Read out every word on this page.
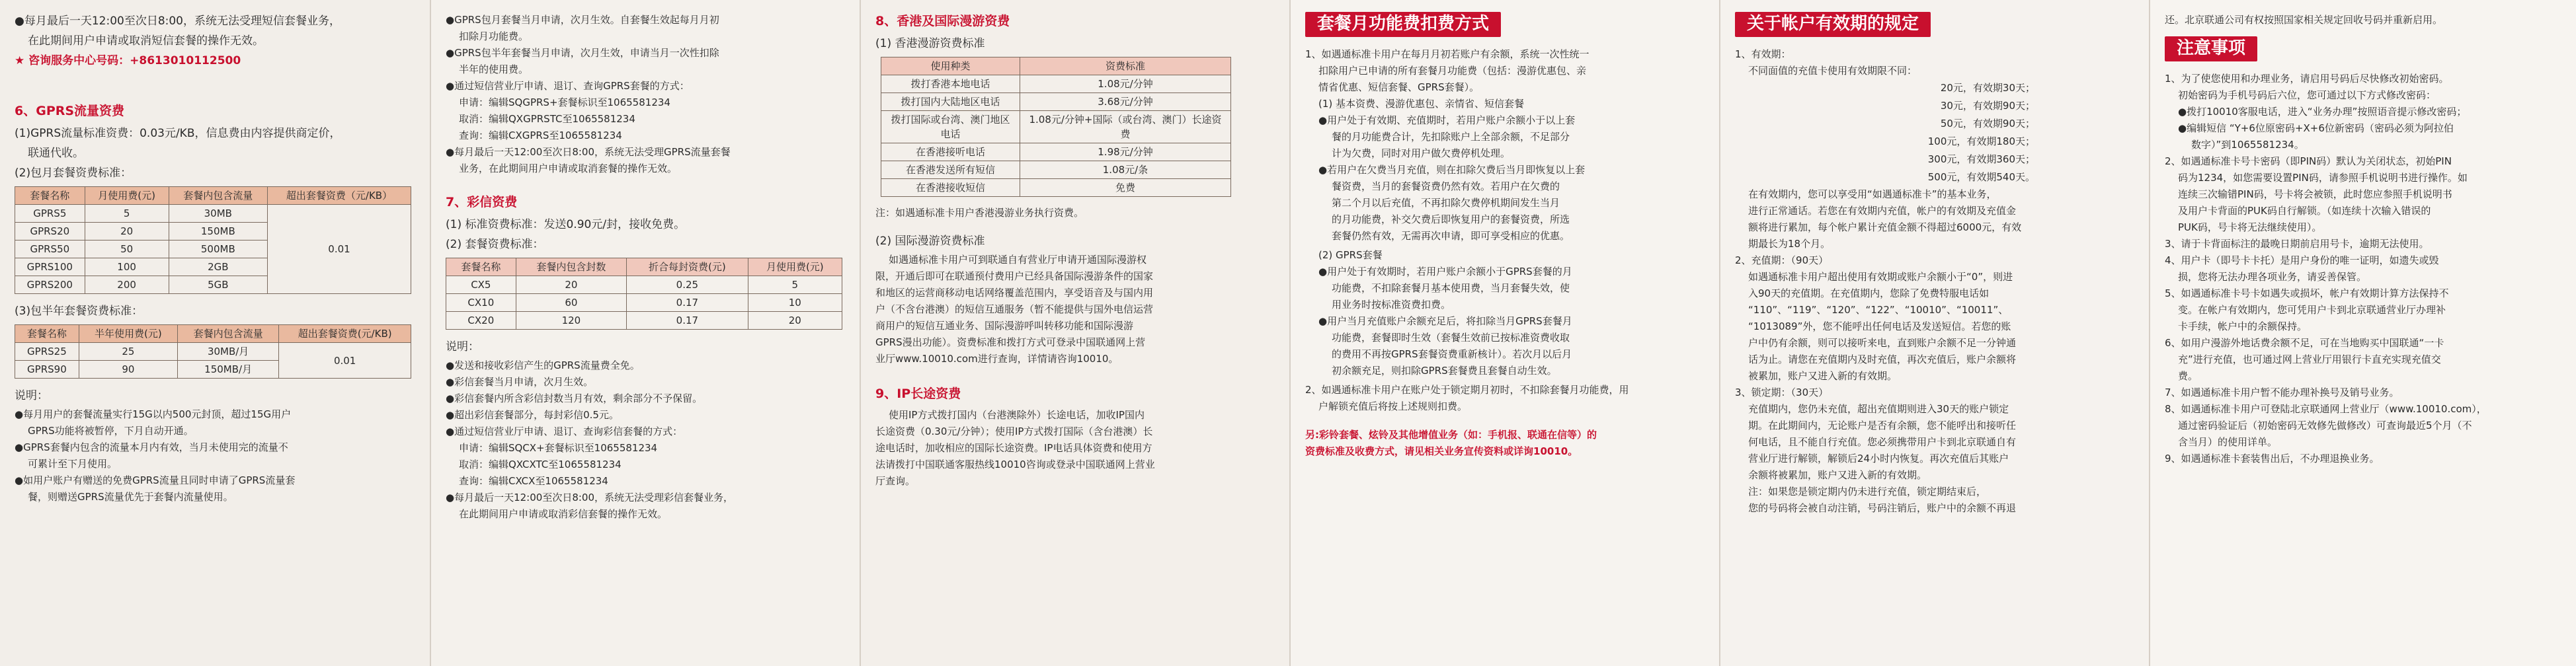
●每月最后一天12:00至次日8:00，系统无法受理短信套餐业务，
在此期间用户申请或取消短信套餐的操作无效。
★ 咨询服务中心号码：+8613010112500
6、GPRS流量资费
(1)GPRS流量标准资费：0.03元/KB，信息费由内容提供商定价，
联通代收。
(2)包月套餐资费标准：
套餐名称	月使用费(元)	套餐内包含流量	超出套餐资费（元/KB）
GPRS5	5	30MB	0.01
GPRS20	20	150MB	
GPRS50	50	500MB	
GPRS100	100	2GB	
GPRS200	200	5GB	
(3)包半年套餐资费标准：
套餐名称	半年使用费(元)	套餐内包含流量	超出套餐资费(元/KB)
GPRS25	25	30MB/月	0.01
GPRS90	90	150MB/月	
说明：
●每月用户的套餐流量实行15G以内500元封顶，超过15G用户
GPRS功能将被暂停，下月自动开通。
●GPRS套餐内包含的流量本月内有效，当月未使用完的流量不
可累计至下月使用。
●如用户账户有赠送的免费GPRS流量且同时申请了GPRS流量套
餐，则赠送GPRS流量优先于套餐内流量使用。
●GPRS包月套餐当月申请，次月生效。自套餐生效起每月月初
扣除月功能费。
●GPRS包半年套餐当月申请，次月生效，申请当月一次性扣除
半年的使用费。
●通过短信营业厅申请、退订、查询GPRS套餐的方式：
申请：编辑SQGPRS+套餐标识至1065581234
取消：编辑QXGPRSTC至1065581234
查询：编辑CXGPRS至1065581234
●每月最后一天12:00至次日8:00，系统无法受理GPRS流量套餐
业务，在此期间用户申请或取消套餐的操作无效。
7、彩信资费
(1) 标准资费标准：发送0.90元/封，接收免费。
(2) 套餐资费标准：
套餐名称	套餐内包含封数	折合每封资费(元)	月使用费(元)
CX5	20	0.25	5
CX10	60	0.17	10
CX20	120	0.17	20
说明：
●发送和接收彩信产生的GPRS流量费全免。
●彩信套餐当月申请，次月生效。
●彩信套餐内所含彩信封数当月有效，剩余部分不予保留。
●超出彩信套餐部分，每封彩信0.5元。
●通过短信营业厅申请、退订、查询彩信套餐的方式：
申请：编辑SQCX+套餐标识至1065581234
取消：编辑QXCXTC至1065581234
查询：编辑CXCX至1065581234
●每月最后一天12:00至次日8:00，系统无法受理彩信套餐业务，
在此期间用户申请或取消彩信套餐的操作无效。
8、香港及国际漫游资费
(1) 香港漫游资费标准
使用种类	资费标准
拨打香港本地电话	1.08元/分钟
拨打国内大陆地区电话	3.68元/分钟
拨打国际或台湾、澳门地区电话	1.08元/分钟+国际（或台湾、澳门）长途资费
在香港接听电话	1.98元/分钟
在香港发送所有短信	1.08元/条
在香港接收短信	免费
注：如遇通标准卡用户香港漫游业务执行资费。
(2) 国际漫游资费标准
如遇通标准卡用户可到联通自有营业厅申请开通国际漫游权
限，开通后即可在联通预付费用户已经具备国际漫游条件的国家
和地区的运营商移动电话网络覆盖范围内，享受语音及与国内用
户（不含台港澳）的短信互通服务（暂不能提供与国外电信运营
商用户的短信互通业务、国际漫游呼叫转移功能和国际漫游
GPRS漫出功能）。资费标准和拨打方式可登录中国联通网上营
业厅www.10010.com进行查询，详情请咨询10010。
9、IP长途资费
使用IP方式拨打国内（台港澳除外）长途电话，加收IP国内
长途资费（0.30元/分钟）；使用IP方式拨打国际（含台港澳）长
途电话时，加收相应的国际长途资费。IP电话具体资费和使用方
法请拨打中国联通客服热线10010咨询或登录中国联通网上营业
厅查询。
套餐月功能费扣费方式
1、如遇通标准卡用户在每月月初若账户有余额，系统一次性统一
扣除用户已申请的所有套餐月功能费（包括：漫游优惠包、亲
情省优惠、短信套餐、GPRS套餐）。
(1) 基本资费、漫游优惠包、亲情省、短信套餐
●用户处于有效期、充值期时，若用户账户余额小于以上套
餐的月功能费合计，先扣除账户上全部余额，不足部分
计为欠费，同时对用户做欠费停机处理。
●若用户在欠费当月充值，则在扣除欠费后当月即恢复以上套
餐资费，当月的套餐资费仍然有效。若用户在欠费的
第二个月以后充值，不再扣除欠费停机期间发生当月
的月功能费，补交欠费后即恢复用户的套餐资费，所选
套餐仍然有效，无需再次申请，即可享受相应的优惠。
(2) GPRS套餐
●用户处于有效期时，若用户账户余额小于GPRS套餐的月
功能费，不扣除套餐月基本使用费，当月套餐失效，使
用业务时按标准资费扣费。
●用户当月充值账户余额充足后，将扣除当月GPRS套餐月
功能费，套餐即时生效（套餐生效前已按标准资费收取
的费用不再按GPRS套餐资费重新核计）。若次月以后月
初余额充足，则扣除GPRS套餐费且套餐自动生效。
2、如遇通标准卡用户在账户处于锁定期月初时，不扣除套餐月功能费，用
户解锁充值后将按上述规则扣费。
另:彩铃套餐、炫铃及其他增值业务（如：手机报、联通在信等）的
资费标准及收费方式，请见相关业务宣传资料或详询10010。
关于帐户有效期的规定
1、有效期：
不同面值的充值卡使用有效期限不同：
20元，有效期30天；
30元，有效期90天；
50元，有效期90天；
100元，有效期180天；
300元，有效期360天；
500元，有效期540天。
在有效期内，您可以享受用“如遇通标准卡”的基本业务，
进行正常通话。若您在有效期内充值，帐户的有效期及充值金
额将进行累加，每个帐户累计充值金额不得超过6000元，有效
期最长为18个月。
2、充值期：（90天）
如遇通标准卡用户超出使用有效期或账户余额小于“0”，则进
入90天的充值期。在充值期内，您除了免费特服电话如
“110”、“119”、“120”、“122”、“10010”、“10011”、
“1013089”外，您不能呼出任何电话及发送短信。若您的账
户中仍有余额，则可以接听来电，直到账户余额不足一分钟通
话为止。请您在充值期内及时充值，再次充值后，账户余额将
被累加，账户又进入新的有效期。
3、锁定期：（30天）
充值期内，您仍未充值，超出充值期则进入30天的账户锁定
期。在此期间内，无论账户是否有余额，您不能呼出和接听任
何电话，且不能自行充值。您必须携带用户卡到北京联通自有
营业厅进行解锁，解锁后24小时内恢复。再次充值后其账户
余额将被累加，账户又进入新的有效期。
注：如果您是锁定期内仍未进行充值，锁定期结束后，
您的号码将会被自动注销，号码注销后，账户中的余额不再退
还。北京联通公司有权按照国家相关规定回收号码并重新启用。
注意事项
1、为了使您使用和办理业务，请启用号码后尽快修改初始密码。
初始密码为手机号码后六位，您可通过以下方式修改密码：
●拨打10010客服电话，进入“业务办理”按照语音提示修改密码；
●编辑短信 “Y+6位原密码+X+6位新密码（密码必须为阿拉伯
数字）”到1065581234。
2、如遇通标准卡号卡密码（即PIN码）默认为关闭状态，初始PIN
码为1234，如您需要设置PIN码，请参照手机说明书进行操作。如
连续三次输错PIN码，号卡将会被锁，此时您应参照手机说明书
及用户卡背面的PUK码自行解锁。（如连续十次输入错误的
PUK码，号卡将无法继续使用）。
3、请于卡背面标注的最晚日期前启用号卡，逾期无法使用。
4、用户卡（即号卡卡托）是用户身份的唯一证明，如遗失或毁
损，您将无法办理各项业务，请妥善保管。
5、如遇通标准卡号卡如遇失或损坏，帐户有效期计算方法保持不
变。在帐户有效期内，您可凭用户卡到北京联通营业厅办理补
卡手续，帐户中的余额保持。
6、如用户漫游外地话费余额不足，可在当地购买中国联通“一卡
充”进行充值，也可通过网上营业厅用银行卡直充实现充值交
费。
7、如遇通标准卡用户暂不能办理补换号及销号业务。
8、如遇通标准卡用户可登陆北京联通网上营业厅（www.10010.com），
通过密码验证后（初始密码无效修先做修改）可查询最近5个月（不
含当月）的使用详单。
9、如遇通标准卡套装售出后，不办理退换业务。
